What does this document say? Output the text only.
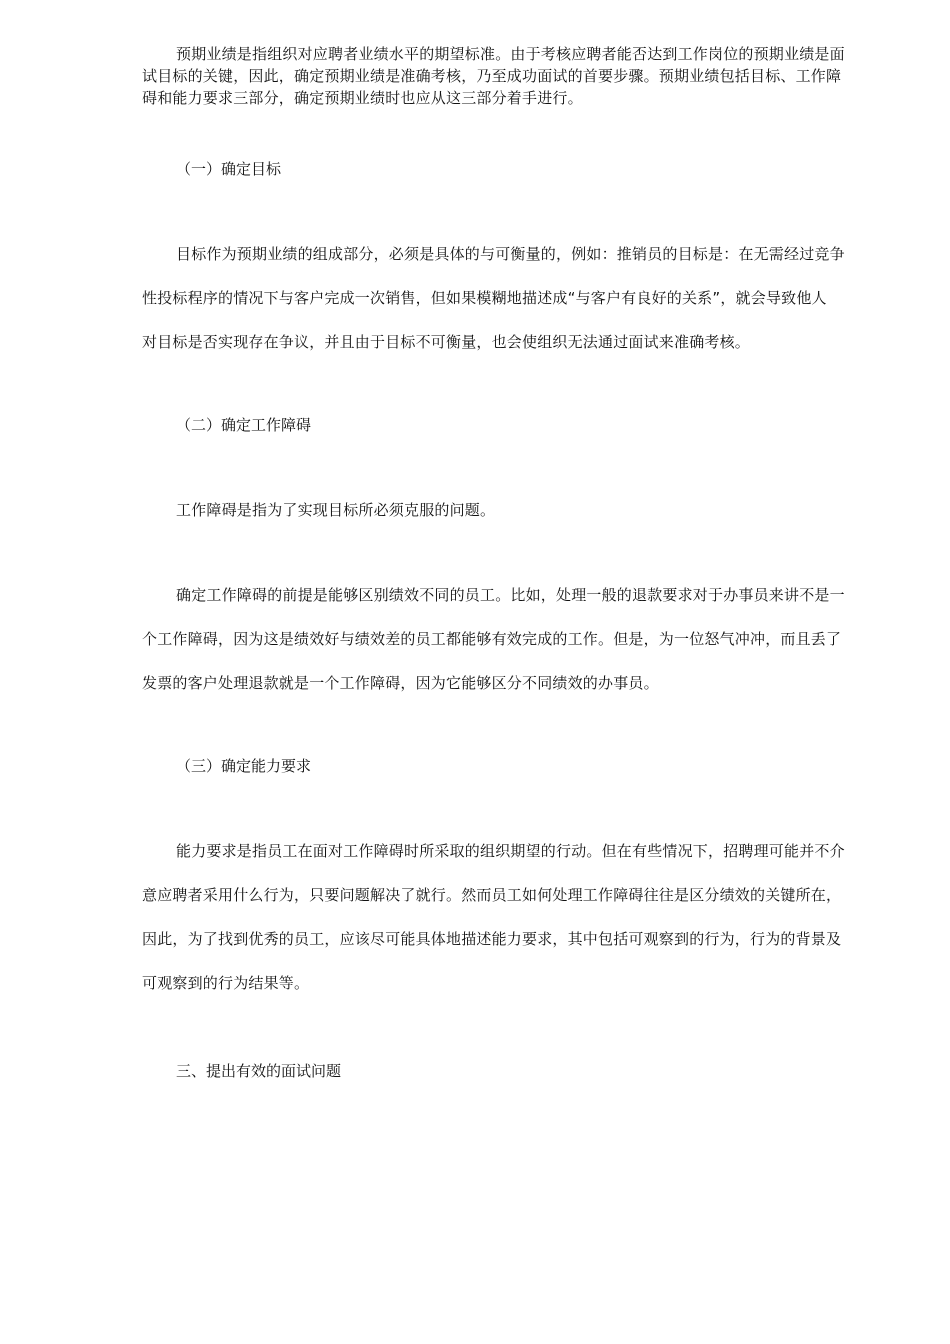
预期业绩是指组织对应聘者业绩水平的期望标准。由于考核应聘者能否达到工作岗位的预期业绩是面
试目标的关键，因此，确定预期业绩是准确考核，乃至成功面试的首要步骤。预期业绩包括目标、工作障
碍和能力要求三部分，确定预期业绩时也应从这三部分着手进行。
（一）确定目标
目标作为预期业绩的组成部分，必须是具体的与可衡量的，例如：推销员的目标是：在无需经过竞争
性投标程序的情况下与客户完成一次销售，但如果模糊地描述成“与客户有良好的关系”，就会导致他人
对目标是否实现存在争议，并且由于目标不可衡量，也会使组织无法通过面试来准确考核。
（二）确定工作障碍
工作障碍是指为了实现目标所必须克服的问题。
确定工作障碍的前提是能够区别绩效不同的员工。比如，处理一般的退款要求对于办事员来讲不是一
个工作障碍，因为这是绩效好与绩效差的员工都能够有效完成的工作。但是，为一位怒气冲冲，而且丢了
发票的客户处理退款就是一个工作障碍，因为它能够区分不同绩效的办事员。
（三）确定能力要求
能力要求是指员工在面对工作障碍时所采取的组织期望的行动。但在有些情况下，招聘理可能并不介
意应聘者采用什么行为，只要问题解决了就行。然而员工如何处理工作障碍往往是区分绩效的关键所在，
因此，为了找到优秀的员工，应该尽可能具体地描述能力要求，其中包括可观察到的行为，行为的背景及
可观察到的行为结果等。
三、提出有效的面试问题
